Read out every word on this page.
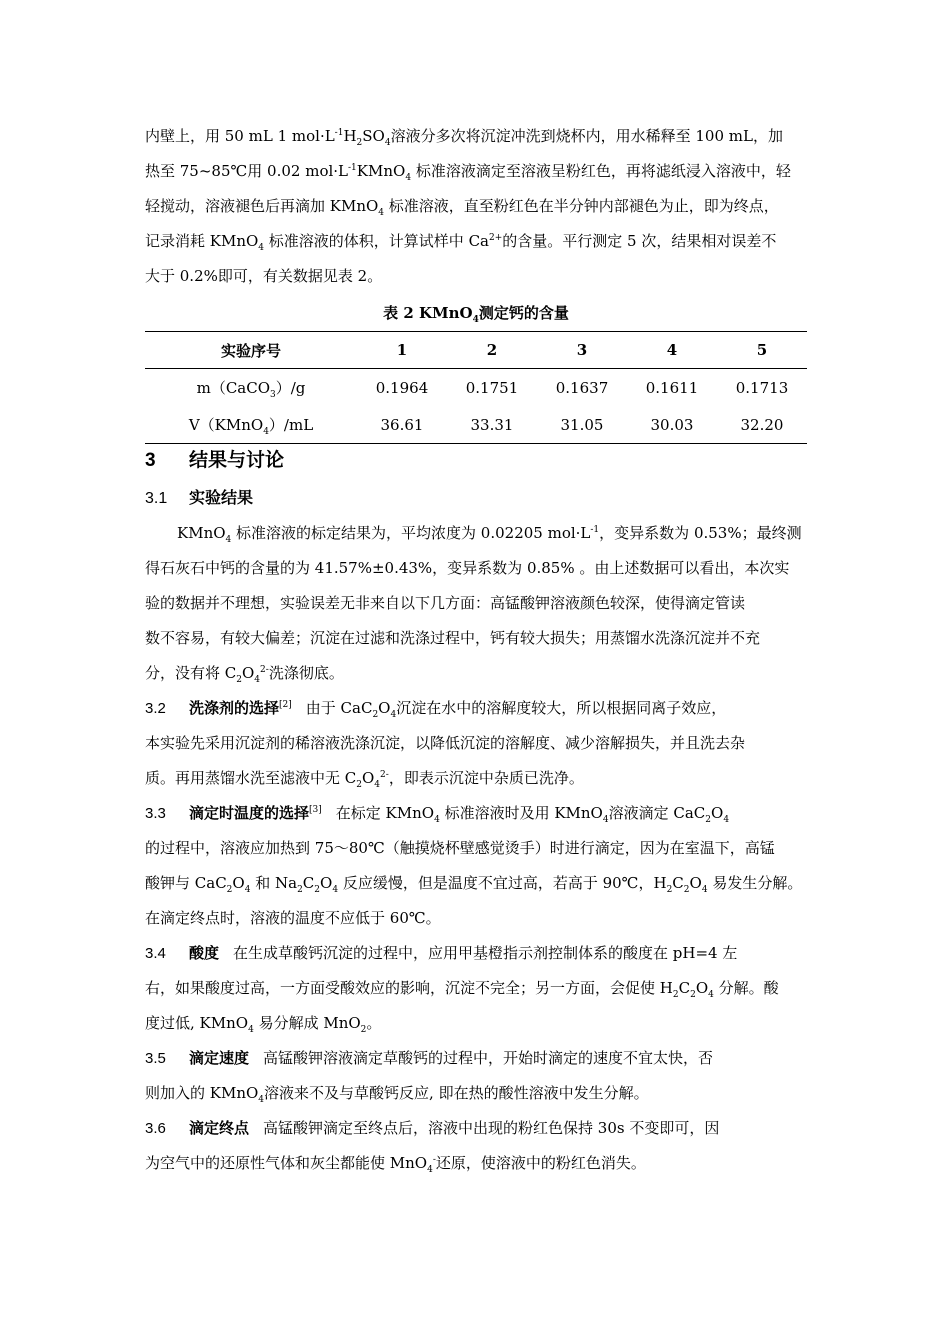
内壁上，用 50 mL 1 $mol\cdot L^{-1}H_2SO_4$溶液分多次将沉淀冲洗到烧杯内，用水稀释至 100 mL，加

热至 75~85℃用 0.02 $mol\cdot L^{-1}KMnO_4$ 标准溶液滴定至溶液呈粉红色，再将滤纸浸入溶液中，轻

轻搅动，溶液褪色后再滴加 KMnO$_4$ 标准溶液，直至粉红色在半分钟内部褪色为止，即为终点，

记录消耗 KMnO$_4$ 标准溶液的体积，计算试样中 $Ca^{2+}$的含量。平行测定 5 次，结果相对误差不

大于 0.2%即可，有关数据见表 2。

表 2 KMnO$_4$测定钙的含量
实验序号	1	2	3	4	5
m（CaCO$_3$）/g	0.1964	0.1751	0.1637	0.1611	0.1713
V（KMnO$_4$）/mL	36.61	33.31	31.05	30.03	32.20
3 结果与讨论
3.1 实验结果

KMnO$_4$ 标准溶液的标定结果为，平均浓度为 0.02205 $mol\cdot L^{-1}$，变异系数为 0.53%；最终测

得石灰石中钙的含量的为 41.57%±0.43%，变异系数为 0.85% 。由上述数据可以看出，本次实

验的数据并不理想，实验误差无非来自以下几方面：高锰酸钾溶液颜色较深，使得滴定管读

数不容易，有较大偏差；沉淀在过滤和洗涤过程中，钙有较大损失；用蒸馏水洗涤沉淀并不充

分，没有将 $C_2O_4^{2-}$洗涤彻底。

3.2 洗涤剂的选择[2] 由于 $CaC_2O_4$沉淀在水中的溶解度较大，所以根据同离子效应，

本实验先采用沉淀剂的稀溶液洗涤沉淀，以降低沉淀的溶解度、减少溶解损失，并且洗去杂

质。再用蒸馏水洗至滤液中无 $C_2O_4^{2-}$，即表示沉淀中杂质已洗净。

3.3 滴定时温度的选择[3] 在标定 KMnO$_4$ 标准溶液时及用 KMnO$_4$溶液滴定 $CaC_2O_4$

的过程中，溶液应加热到 75～80℃（触摸烧杯壁感觉烫手）时进行滴定，因为在室温下，高锰

酸钾与 $CaC_2O_4$ 和 $Na_2C_2O_4$ 反应缓慢，但是温度不宜过高，若高于 90℃，$H_2C_2O_4$ 易发生分解。

在滴定终点时，溶液的温度不应低于 60℃。

3.4 酸度 在生成草酸钙沉淀的过程中，应用甲基橙指示剂控制体系的酸度在 pH=4 左

右，如果酸度过高，一方面受酸效应的影响，沉淀不完全；另一方面，会促使 $H_2C_2O_4$ 分解。酸

度过低, KMnO$_4$ 易分解成 MnO$_2$。

3.5 滴定速度 高锰酸钾溶液滴定草酸钙的过程中，开始时滴定的速度不宜太快，否

则加入的 KMnO$_4$溶液来不及与草酸钙反应, 即在热的酸性溶液中发生分解。

3.6 滴定终点 高锰酸钾滴定至终点后，溶液中出现的粉红色保持 30s 不变即可，因

为空气中的还原性气体和灰尘都能使 MnO$_4$-还原，使溶液中的粉红色消失。
